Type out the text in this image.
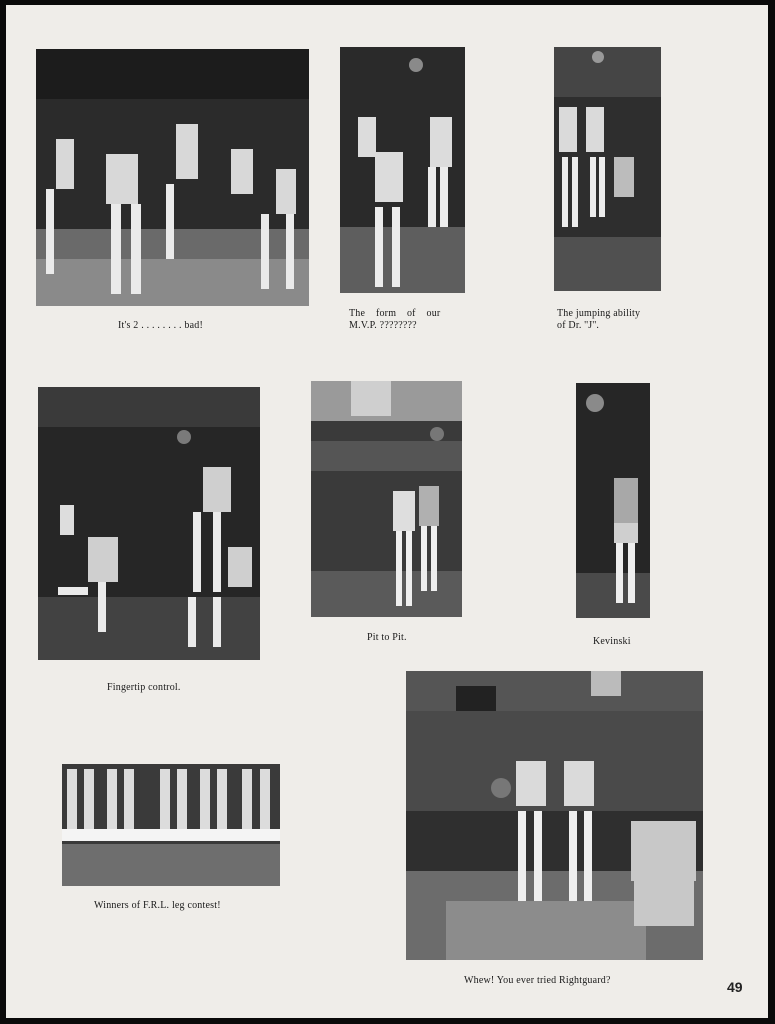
It's 2 . . . . . . . . bad!
The    form    of    our
M.V.P. ????????
The jumping ability
of Dr. ''J''.
Fingertip control.
Pit to Pit.	Kevinski
Winners of F.R.L. leg contest!
Whew! You ever tried Rightguard?	49
